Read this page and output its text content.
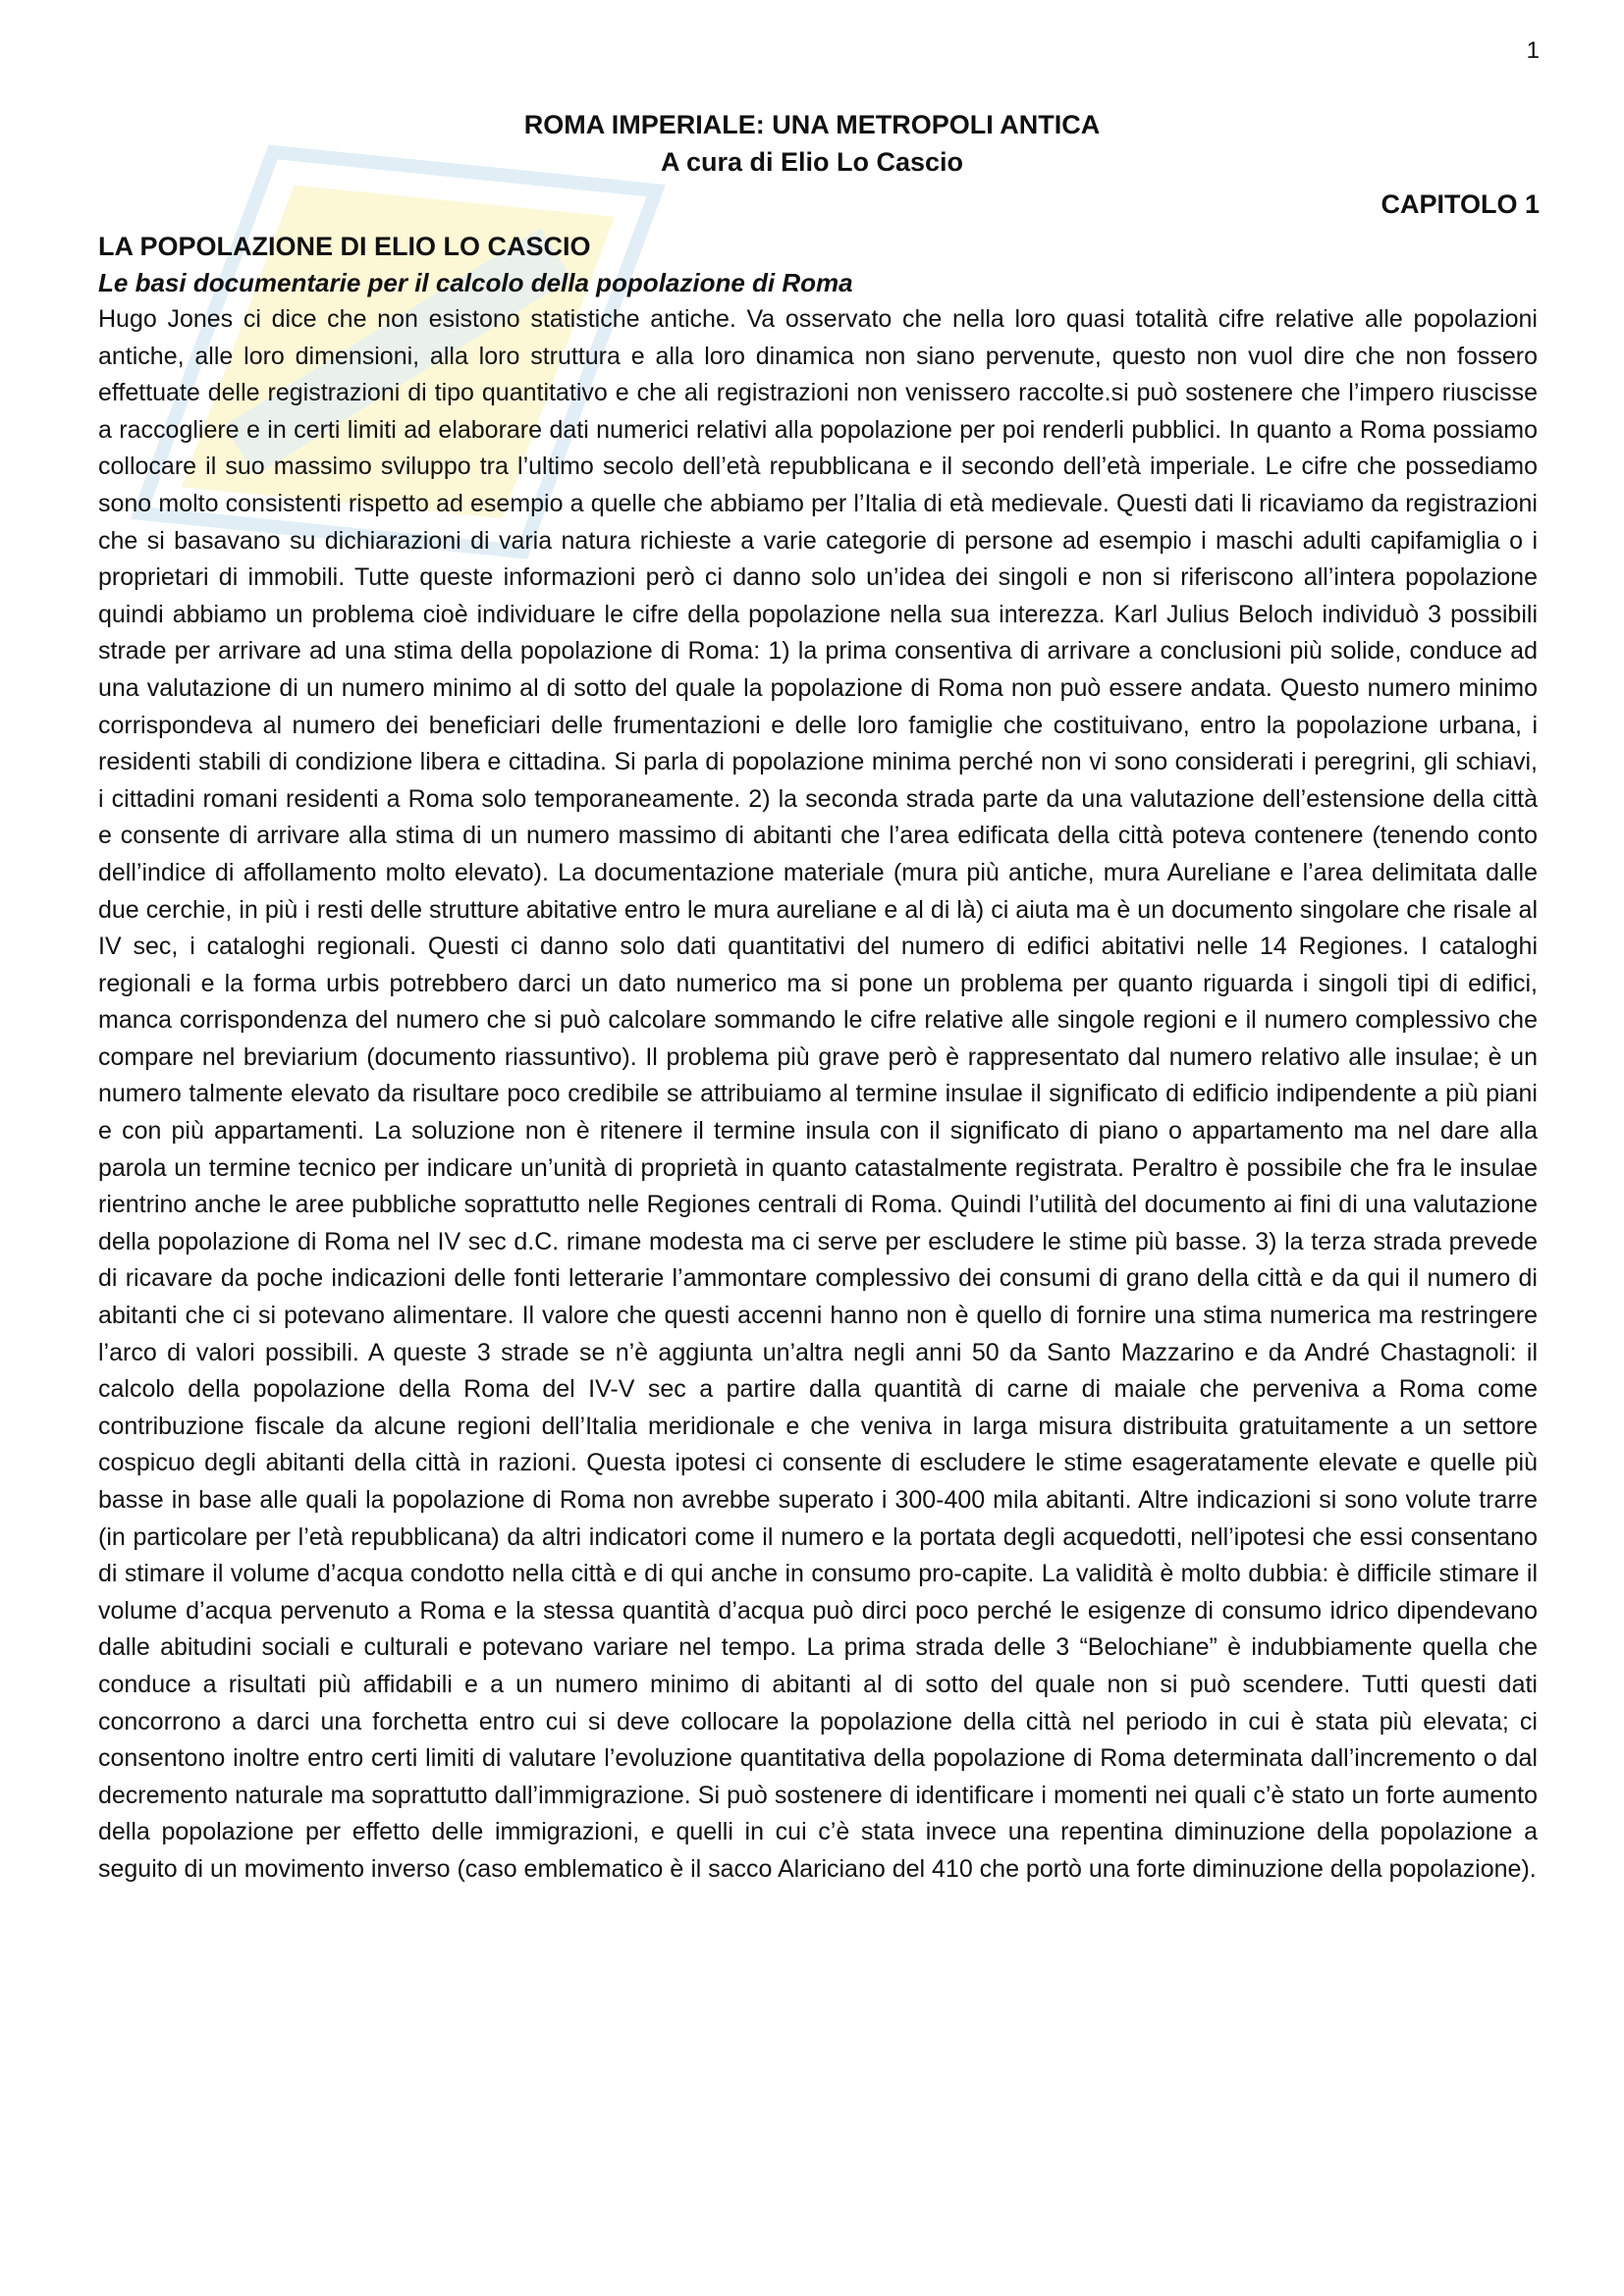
1
ROMA IMPERIALE: UNA METROPOLI ANTICA
A cura di Elio Lo Cascio
CAPITOLO 1
LA POPOLAZIONE DI ELIO LO CASCIO
Le basi documentarie per il calcolo della popolazione di Roma

Hugo Jones ci dice che non esistono statistiche antiche. Va osservato che nella loro quasi totalità cifre relative alle popolazioni antiche, alle loro dimensioni, alla loro struttura e alla loro dinamica non siano pervenute, questo non vuol dire che non fossero effettuate delle registrazioni di tipo quantitativo e che ali registrazioni non venissero raccolte.si può sostenere che l’impero riuscisse a raccogliere e in certi limiti ad elaborare dati numerici relativi alla popolazione per poi renderli pubblici. In quanto a Roma possiamo collocare il suo massimo sviluppo tra l’ultimo secolo dell’età repubblicana e il secondo dell’età imperiale. Le cifre che possediamo sono molto consistenti rispetto ad esempio a quelle che abbiamo per l’Italia di età medievale. Questi dati li ricaviamo da registrazioni che si basavano su dichiarazioni di varia natura richieste a varie categorie di persone ad esempio i maschi adulti capifamiglia o i proprietari di immobili. Tutte queste informazioni però ci danno solo un’idea dei singoli e non si riferiscono all’intera popolazione quindi abbiamo un problema cioè individuare le cifre della popolazione nella sua interezza. Karl Julius Beloch individuò 3 possibili strade per arrivare ad una stima della popolazione di Roma: 1) la prima consentiva di arrivare a conclusioni più solide, conduce ad una valutazione di un numero minimo al di sotto del quale la popolazione di Roma non può essere andata. Questo numero minimo corrispondeva al numero dei beneficiari delle frumentazioni e delle loro famiglie che costituivano, entro la popolazione urbana, i residenti stabili di condizione libera e cittadina. Si parla di popolazione minima perché non vi sono considerati i peregrini, gli schiavi, i cittadini romani residenti a Roma solo temporaneamente. 2) la seconda strada parte da una valutazione dell’estensione della città e consente di arrivare alla stima di un numero massimo di abitanti che l’area edificata della città poteva contenere (tenendo conto dell’indice di affollamento molto elevato). La documentazione materiale (mura più antiche, mura Aureliane e l’area delimitata dalle due cerchie, in più i resti delle strutture abitative entro le mura aureliane e al di là) ci aiuta ma è un documento singolare che risale al IV sec, i cataloghi regionali. Questi ci danno solo dati quantitativi del numero di edifici abitativi nelle 14 Regiones. I cataloghi regionali e la forma urbis potrebbero darci un dato numerico ma si pone un problema per quanto riguarda i singoli tipi di edifici, manca corrispondenza del numero che si può calcolare sommando le cifre relative alle singole regioni e il numero complessivo che compare nel breviarium (documento riassuntivo). Il problema più grave però è rappresentato dal numero relativo alle insulae; è un numero talmente elevato da risultare poco credibile se attribuiamo al termine insulae il significato di edificio indipendente a più piani e con più appartamenti. La soluzione non è ritenere il termine insula con il significato di piano o appartamento ma nel dare alla parola un termine tecnico per indicare un’unità di proprietà in quanto catastalmente registrata. Peraltro è possibile che fra le insulae rientrino anche le aree pubbliche soprattutto nelle Regiones centrali di Roma. Quindi l’utilità del documento ai fini di una valutazione della popolazione di Roma nel IV sec d.C. rimane modesta ma ci serve per escludere le stime più basse. 3) la terza strada prevede di ricavare da poche indicazioni delle fonti letterarie l’ammontare complessivo dei consumi di grano della città e da qui il numero di abitanti che ci si potevano alimentare. Il valore che questi accenni hanno non è quello di fornire una stima numerica ma restringere l’arco di valori possibili. A queste 3 strade se n’è aggiunta un’altra negli anni 50 da Santo Mazzarino e da André Chastagnoli: il calcolo della popolazione della Roma del IV-V sec a partire dalla quantità di carne di maiale che perveniva a Roma come contribuzione fiscale da alcune regioni dell’Italia meridionale e che veniva in larga misura distribuita gratuitamente a un settore cospicuo degli abitanti della città in razioni. Questa ipotesi ci consente di escludere le stime esageratamente elevate e quelle più basse in base alle quali la popolazione di Roma non avrebbe superato i 300-400 mila abitanti. Altre indicazioni si sono volute trarre (in particolare per l’età repubblicana) da altri indicatori come il numero e la portata degli acquedotti, nell’ipotesi che essi consentano di stimare il volume d’acqua condotto nella città e di qui anche in consumo pro-capite. La validità è molto dubbia: è difficile stimare il volume d’acqua pervenuto a Roma e la stessa quantità d’acqua può dirci poco perché le esigenze di consumo idrico dipendevano dalle abitudini sociali e culturali e potevano variare nel tempo. La prima strada delle 3 “Belochiane” è indubbiamente quella che conduce a risultati più affidabili e a un numero minimo di abitanti al di sotto del quale non si può scendere. Tutti questi dati concorrono a darci una forchetta entro cui si deve collocare la popolazione della città nel periodo in cui è stata più elevata; ci consentono inoltre entro certi limiti di valutare l’evoluzione quantitativa della popolazione di Roma determinata dall’incremento o dal decremento naturale ma soprattutto dall’immigrazione. Si può sostenere di identificare i momenti nei quali c’è stato un forte aumento della popolazione per effetto delle immigrazioni, e quelli in cui c’è stata invece una repentina diminuzione della popolazione a seguito di un movimento inverso (caso emblematico è il sacco Alariciano del 410 che portò una forte diminuzione della popolazione).
